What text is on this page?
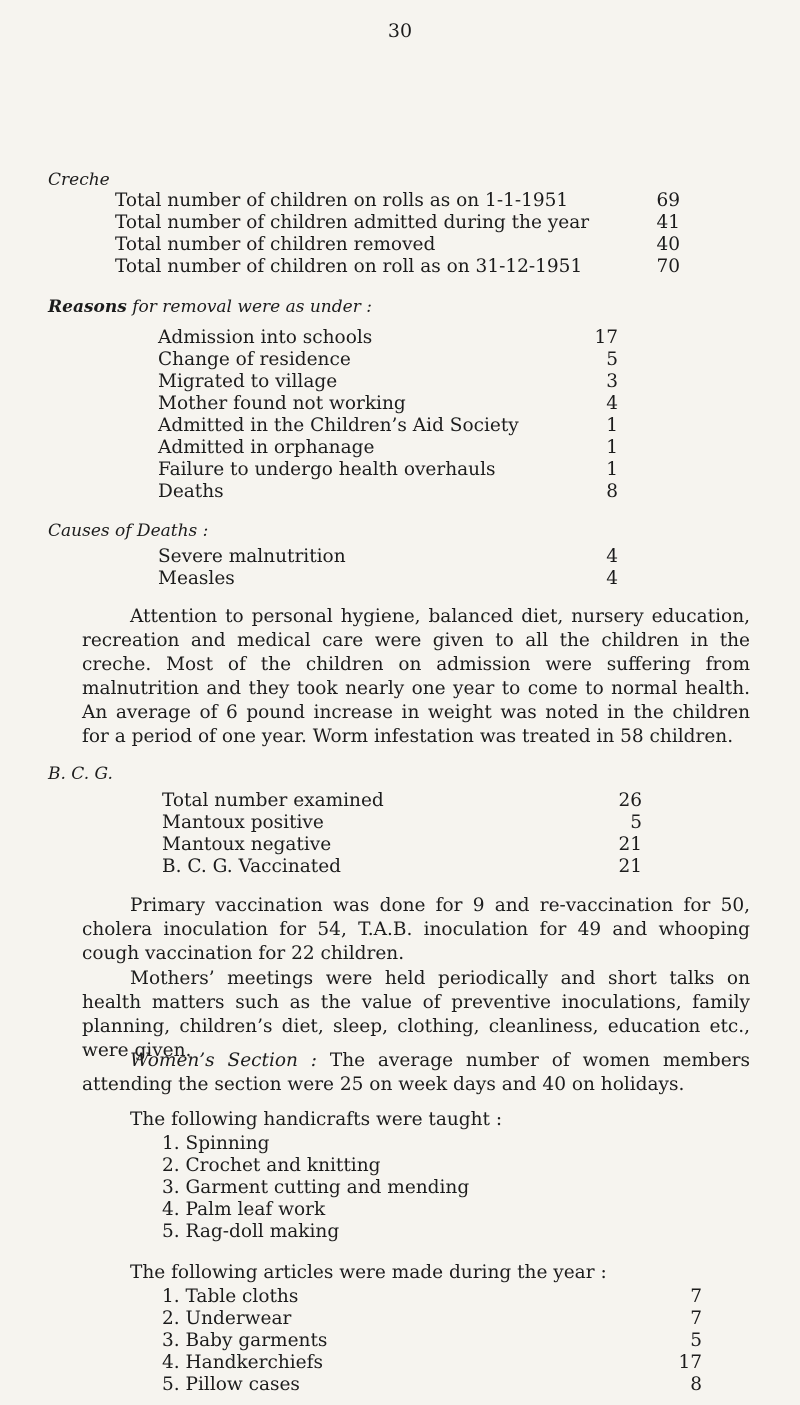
30
Creche
Total number of children on rolls as on 1-1-1951	69
Total number of children admitted during the year	41
Total number of children removed	40
Total number of children on roll as on 31-12-1951	70
Reasons for removal were as under :
Admission into schools	17
Change of residence	5
Migrated to village	3
Mother found not working	4
Admitted in the Children’s Aid Society	1
Admitted in orphanage	1
Failure to undergo health overhauls	1
Deaths	8
Causes of Deaths :
Severe malnutrition	4
Measles	4
Attention to personal hygiene, balanced diet, nursery education, recreation and medical care were given to all the children in the creche. Most of the children on admission were suffering from malnutrition and they took nearly one year to come to normal health. An average of 6 pound increase in weight was noted in the children for a period of one year. Worm infestation was treated in 58 children.
B. C. G.
Total number examined	26
Mantoux positive	5
Mantoux negative	21
B. C. G. Vaccinated	21
Primary vaccination was done for 9 and re-vaccination for 50, cholera inoculation for 54, T.A.B. inoculation for 49 and whooping cough vaccination for 22 children.
Mothers’ meetings were held periodically and short talks on health matters such as the value of preventive inoculations, family planning, children’s diet, sleep, clothing, cleanliness, education etc., were given.
Women’s Section : The average number of women members attending the section were 25 on week days and 40 on holidays.
The following handicrafts were taught :
1. Spinning
2. Crochet and knitting
3. Garment cutting and mending
4. Palm leaf work
5. Rag-doll making
The following articles were made during the year :
1. Table cloths	7
2. Underwear	7
3. Baby garments	5
4. Handkerchiefs	17
5. Pillow cases	8
